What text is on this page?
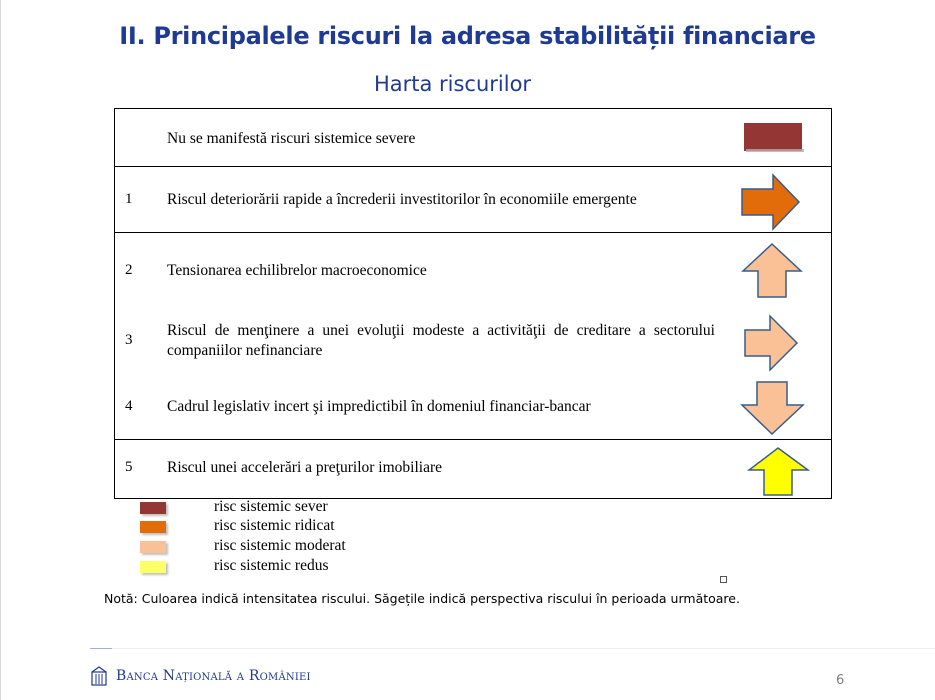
II. Principalele riscuri la adresa stabilității financiare
Harta riscurilor
Nu se manifestă riscuri sistemice severe
1 Riscul deteriorării rapide a încrederii investitorilor în economiile emergente
2 Tensionarea echilibrelor macroeconomice
3
Riscul de menţinere a unei evoluţii modeste a activităţii de creditare a sectorului companiilor nefinanciare
4 Cadrul legislativ incert şi impredictibil în domeniul financiar-bancar
5 Riscul unei accelerări a preţurilor imobiliare
risc sistemic sever
risc sistemic ridicat
risc sistemic moderat
risc sistemic redus
Notă: Culoarea indică intensitatea riscului. Săgețile indică perspectiva riscului în perioada următoare.
Banca Națională a României	6
